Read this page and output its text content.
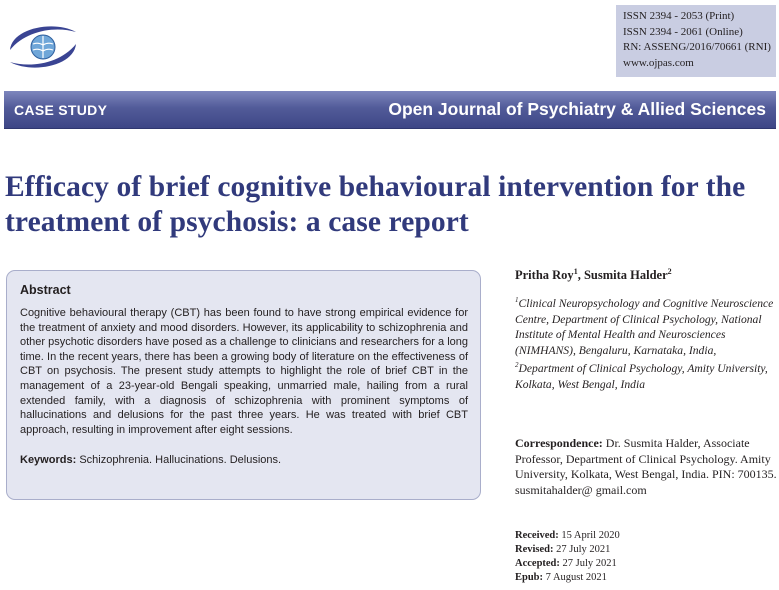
ISSN 2394 - 2053 (Print)
ISSN 2394 - 2061 (Online)
RN: ASSENG/2016/70661 (RNI)
www.ojpas.com
CASE STUDY	Open Journal of Psychiatry & Allied Sciences
Efficacy of brief cognitive behavioural intervention for the treatment of psychosis: a case report
Abstract

Cognitive behavioural therapy (CBT) has been found to have strong empirical evidence for the treatment of anxiety and mood disorders. However, its applicability to schizophrenia and other psychotic disorders have posed as a challenge to clinicians and researchers for a long time. In the recent years, there has been a growing body of literature on the effectiveness of CBT on psychosis. The present study attempts to highlight the role of brief CBT in the management of a 23-year-old Bengali speaking, unmarried male, hailing from a rural extended family, with a diagnosis of schizophrenia with prominent symptoms of hallucinations and delusions for the past three years. He was treated with brief CBT approach, resulting in improvement after eight sessions.

Keywords: Schizophrenia. Hallucinations. Delusions.

Pritha Roy$^1$, Susmita Halder$^2$
$^1$Clinical Neuropsychology and Cognitive Neuroscience Centre, Department of Clinical Psychology, National Institute of Mental Health and Neurosciences (NIMHANS), Bengaluru, Karnataka, India, $^2$Department of Clinical Psychology, Amity University, Kolkata, West Bengal, India
Correspondence: Dr. Susmita Halder, Associate Professor, Department of Clinical Psychology. Amity University, Kolkata, West Bengal, India. PIN: 700135. susmitahalder@ gmail.com
Received: 15 April 2020
Revised: 27 July 2021
Accepted: 27 July 2021
Epub: 7 August 2021
